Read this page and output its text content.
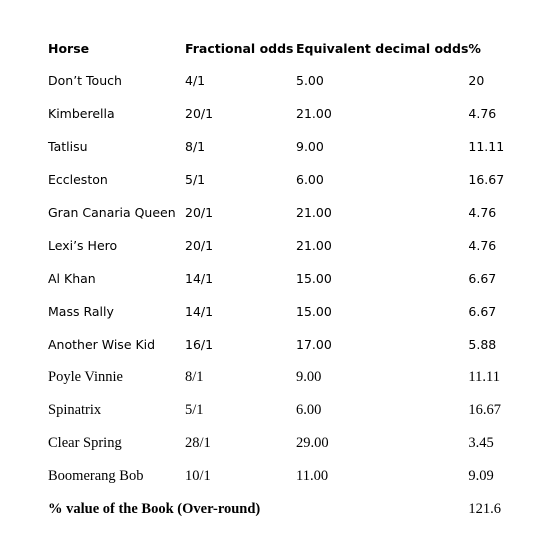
Horse	Fractional odds	Equivalent decimal odds	%
Don’t Touch	4/1	5.00	20
Kimberella	20/1	21.00	4.76
Tatlisu	8/1	9.00	11.11
Eccleston	5/1	6.00	16.67
Gran Canaria Queen	20/1	21.00	4.76
Lexi’s Hero	20/1	21.00	4.76
Al Khan	14/1	15.00	6.67
Mass Rally	14/1	15.00	6.67
Another Wise Kid	16/1	17.00	5.88
Poyle Vinnie	8/1	9.00	11.11
Spinatrix	5/1	6.00	16.67
Clear Spring	28/1	29.00	3.45
Boomerang Bob	10/1	11.00	9.09
% value of the Book (Over-round)			121.6
